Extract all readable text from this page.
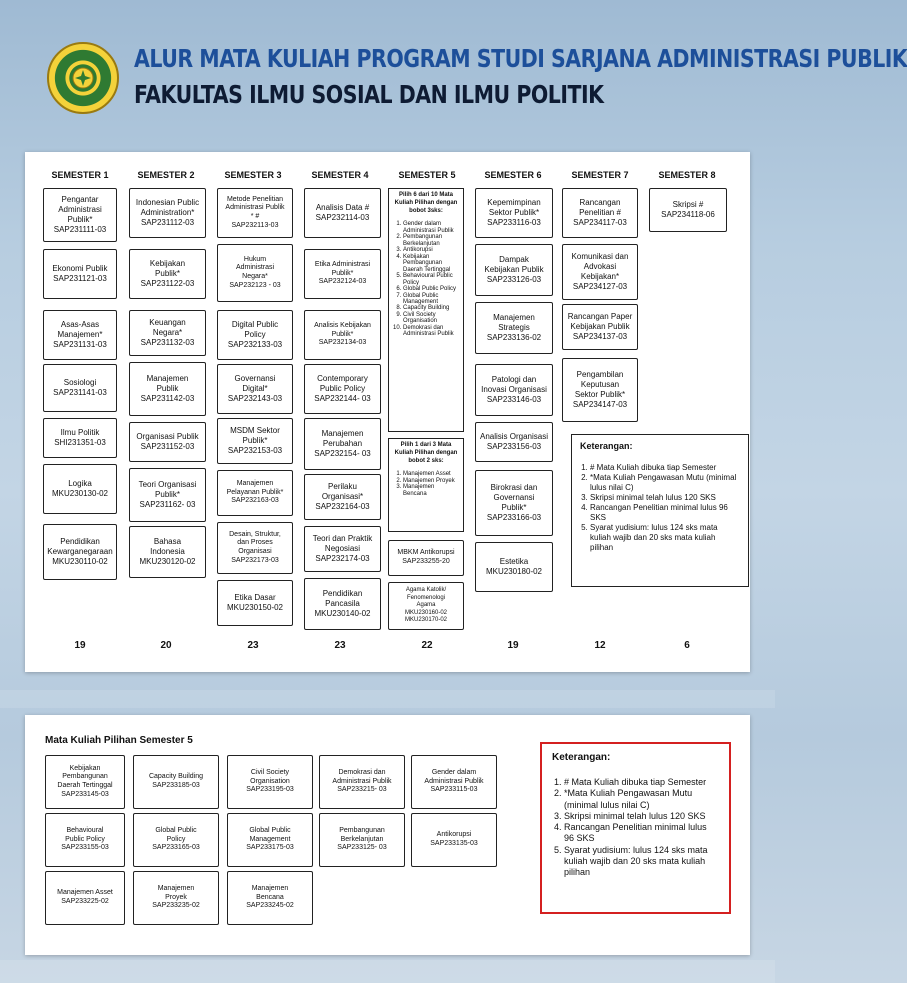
ALUR MATA KULIAH PROGRAM STUDI SARJANA ADMINISTRASI PUBLIK
FAKULTAS ILMU SOSIAL DAN ILMU POLITIK
SEMESTER 1	SEMESTER 2	SEMESTER 3	SEMESTER 4	SEMESTER 5	SEMESTER 6	SEMESTER 7	SEMESTER 8
Pengantar
Administrasi
Publik*
SAP231111-03
Ekonomi Publik
SAP231121-03
Asas-Asas
Manajemen*
SAP231131-03
Sosiologi
SAP231141-03
Ilmu Politik
SHI231351-03
Logika
MKU230130-02
Pendidikan
Kewarganegaraan
MKU230110-02
Indonesian Public
Administration*
SAP231112-03
Kebijakan
Publik*
SAP231122-03
Keuangan
Negara*
SAP231132-03
Manajemen
Publik
SAP231142-03
Organisasi Publik
SAP231152-03
Teori Organisasi
Publik*
SAP231162- 03
Bahasa
Indonesia
MKU230120-02
Metode Penelitian
Administrasi Publik
* #
SAP232113-03
Hukum
Administrasi
Negara*
SAP232123 - 03
Digital Public
Policy
SAP232133-03
Governansi
Digital*
SAP232143-03
MSDM Sektor
Publik*
SAP232153-03
Manajemen
Pelayanan Publik*
SAP232163-03
Desain, Struktur,
dan Proses
Organisasi
SAP232173-03
Etika Dasar
MKU230150-02
Analisis Data #
SAP232114-03
Etika Administrasi
Publik*
SAP232124-03
Analisis Kebijakan
Publik*
SAP232134-03
Contemporary
Public Policy
SAP232144- 03
Manajemen
Perubahan
SAP232154- 03
Perilaku
Organisasi*
SAP232164-03
Teori dan Praktik
Negosiasi
SAP232174-03
Pendidikan
Pancasila
MKU230140-02
Pilih 6 dari 10 Mata Kuliah Pilihan dengan bobot 3sks:
1. Gender dalam Administrasi Publik
2. Pembangunan Berkelanjutan
3. Antikorupsi
4. Kebijakan Pembangunan Daerah Tertinggal
5. Behavioural Public Policy
6. Global Public Policy
7. Global Public Management
8. Capacity Building
9. Civil Society Organisation
10. Demokrasi dan Administrasi Publik
Pilih 1 dari 3 Mata Kuliah Pilihan dengan bobot 2 sks:
1. Manajemen Asset
2. Manajemen Proyek
3. Manajemen Bencana
MBKM Antikorupsi
SAP233255-20
Agama Katolik/
Fenomenologi
Agama
MKU230160-02
MKU230170-02
Kepemimpinan
Sektor Publik*
SAP233116-03
Dampak
Kebijakan Publik
SAP233126-03
Manajemen
Strategis
SAP233136-02
Patologi dan
Inovasi Organisasi
SAP233146-03
Analisis Organisasi
SAP233156-03
Birokrasi dan
Governansi
Publik*
SAP233166-03
Estetika
MKU230180-02
Rancangan
Penelitian #
SAP234117-03
Komunikasi dan
Advokasi
Kebijakan*
SAP234127-03
Rancangan Paper
Kebijakan Publik
SAP234137-03
Pengambilan
Keputusan
Sektor Publik*
SAP234147-03
Skripsi #
SAP234118-06
Keterangan:
1. # Mata Kuliah dibuka tiap Semester
2. *Mata Kuliah Pengawasan Mutu (minimal lulus nilai C)
3. Skripsi minimal telah lulus 120 SKS
4. Rancangan Penelitian minimal lulus 96 SKS
5. Syarat yudisium: lulus 124 sks mata kuliah wajib dan 20 sks mata kuliah pilihan
19	20	23	23	22	19	12	6
Mata Kuliah Pilihan Semester 5
Kebijakan
Pembangunan
Daerah Tertinggal
SAP233145-03
Capacity Building
SAP233185-03
Civil Society
Organisation
SAP233195-03
Demokrasi dan
Administrasi Publik
SAP233215- 03
Gender dalam
Administrasi Publik
SAP233115-03
Behavioural
Public Policy
SAP233155-03
Global Public
Policy
SAP233165-03
Global Public
Management
SAP233175-03
Pembangunan
Berkelanjutan
SAP233125- 03
Antikorupsi
SAP233135-03
Manajemen Asset
SAP233225-02
Manajemen
Proyek
SAP233235-02
Manajemen
Bencana
SAP233245-02
Keterangan:
1. # Mata Kuliah dibuka tiap Semester
2. *Mata Kuliah Pengawasan Mutu (minimal lulus nilai C)
3. Skripsi minimal telah lulus 120 SKS
4. Rancangan Penelitian minimal lulus 96 SKS
5. Syarat yudisium: lulus 124 sks mata kuliah wajib dan 20 sks mata kuliah pilihan
